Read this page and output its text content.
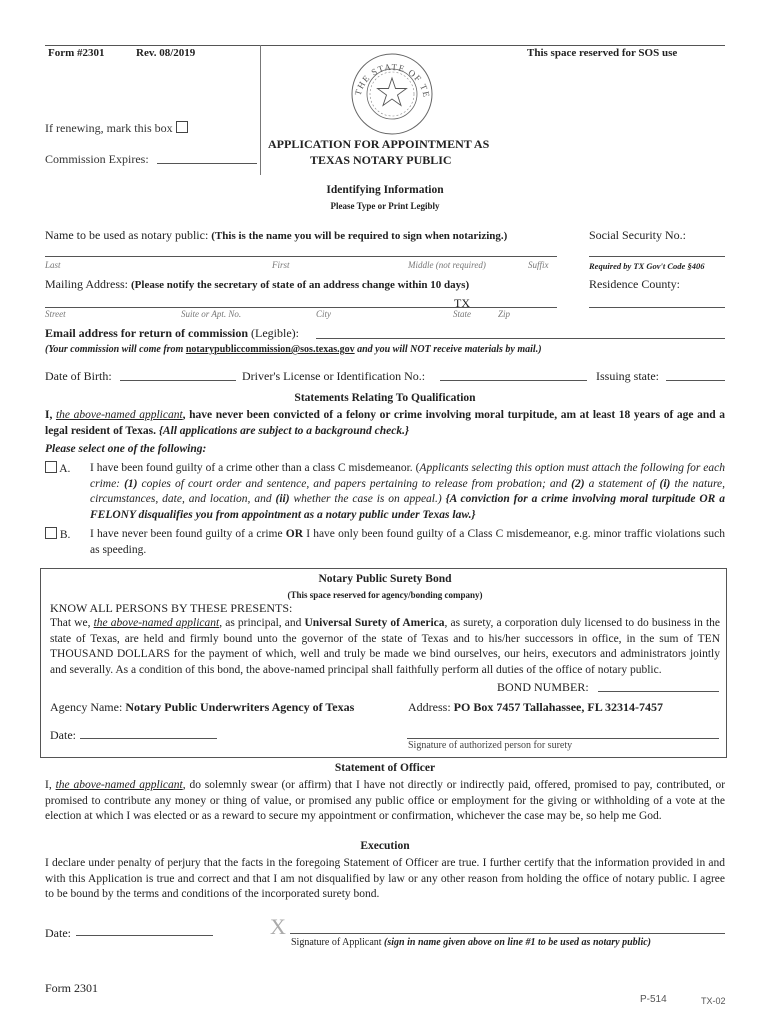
Form #2301	Rev. 08/2019	This space reserved for SOS use
THE STATE OF TE
If renewing, mark this box
Commission Expires:
APPLICATION FOR APPOINTMENT AS
TEXAS NOTARY PUBLIC
Identifying Information
Please Type or Print Legibly
Name to be used as notary public: (This is the name you will be required to sign when notarizing.)	Social Security No.:
Last	First	Middle (not required)	Suffix	Required by TX Gov't Code §406
Mailing Address: (Please notify the secretary of state of an address change within 10 days)	Residence County:
TX
Street	Suite or Apt. No.	City	State	Zip
Email address for return of commission (Legible):
(Your commission will come from notarypubliccommission@sos.texas.gov and you will NOT receive materials by mail.)
Date of Birth:	Driver's License or Identification No.:	Issuing state:
Statements Relating To Qualification
I, the above-named applicant, have never been convicted of a felony or crime involving moral turpitude, am at least 18 years of age and a legal resident of Texas. {All applications are subject to a background check.}
Please select one of the following:
A. I have been found guilty of a crime other than a class C misdemeanor. (Applicants selecting this option must attach the following for each crime: (1) copies of court order and sentence, and papers pertaining to release from probation; and (2) a statement of (i) the nature, circumstances, date, and location, and (ii) whether the case is on appeal.) {A conviction for a crime involving moral turpitude OR a FELONY disqualifies you from appointment as a notary public under Texas law.}
B. I have never been found guilty of a crime OR I have only been found guilty of a Class C misdemeanor, e.g. minor traffic violations such as speeding.
Notary Public Surety Bond
(This space reserved for agency/bonding company)
KNOW ALL PERSONS BY THESE PRESENTS:
That we, the above-named applicant, as principal, and Universal Surety of America, as surety, a corporation duly licensed to do business in the state of Texas, are held and firmly bound unto the governor of the state of Texas and to his/her successors in office, in the sum of TEN THOUSAND DOLLARS for the payment of which, well and truly be made we bind ourselves, our heirs, executors and administrators jointly and severally. As a condition of this bond, the above-named principal shall faithfully perform all duties of the office of notary public.
BOND NUMBER:
Agency Name: Notary Public Underwriters Agency of Texas	Address: PO Box 7457 Tallahassee, FL 32314-7457
Date:
Signature of authorized person for surety
Statement of Officer
I, the above-named applicant, do solemnly swear (or affirm) that I have not directly or indirectly paid, offered, promised to pay, contributed, or promised to contribute any money or thing of value, or promised any public office or employment for the giving or withholding of a vote at the election at which I was elected or as a reward to secure my appointment or confirmation, whichever the case may be, so help me God.
Execution
I declare under penalty of perjury that the facts in the foregoing Statement of Officer are true. I further certify that the information provided in and with this Application is true and correct and that I am not disqualified by law or any other reason from holding the office of notary public. I agree to be bound by the terms and conditions of the incorporated surety bond.
Date:	X
Signature of Applicant (sign in name given above on line #1 to be used as notary public)
Form 2301
P-514	TX-02
